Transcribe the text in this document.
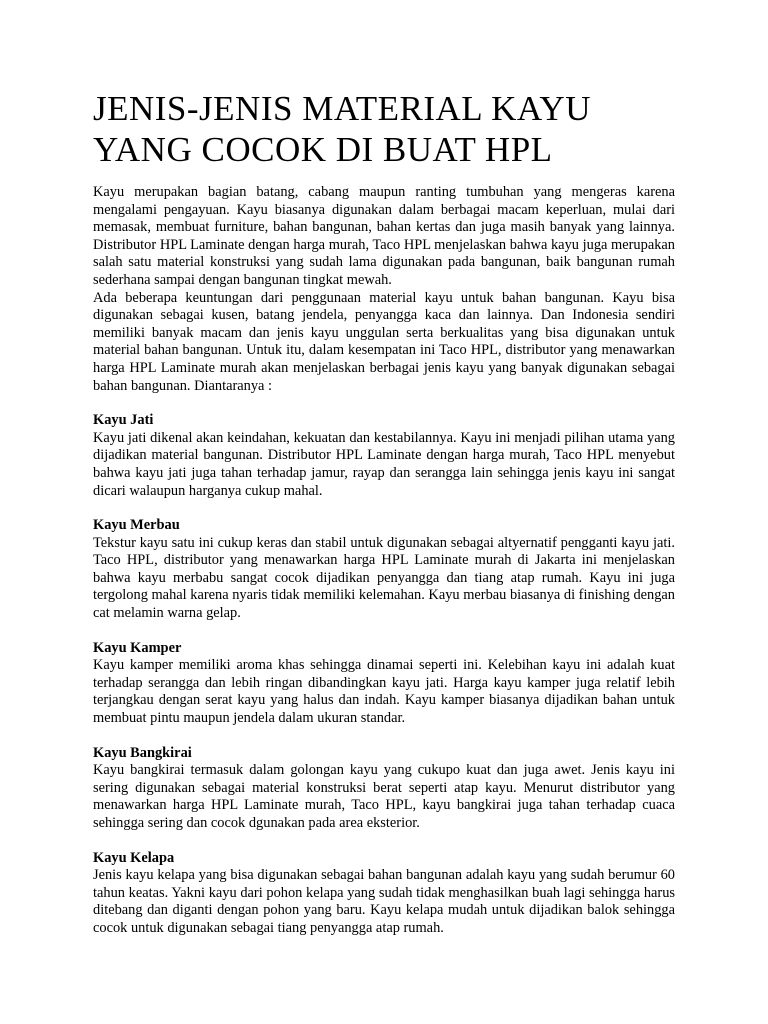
JENIS-JENIS MATERIAL KAYU
YANG COCOK DI BUAT HPL

Kayu merupakan bagian batang, cabang maupun ranting tumbuhan yang mengeras karena mengalami pengayuan. Kayu biasanya digunakan dalam berbagai macam keperluan, mulai dari memasak, membuat furniture, bahan bangunan, bahan kertas dan juga masih banyak yang lainnya. Distributor HPL Laminate dengan harga murah, Taco HPL menjelaskan bahwa kayu juga merupakan salah satu material konstruksi yang sudah lama digunakan pada bangunan, baik bangunan rumah sederhana sampai dengan bangunan tingkat mewah.

Ada beberapa keuntungan dari penggunaan material kayu untuk bahan bangunan. Kayu bisa digunakan sebagai kusen, batang jendela, penyangga kaca dan lainnya. Dan Indonesia sendiri memiliki banyak macam dan jenis kayu unggulan serta berkualitas yang bisa digunakan untuk material bahan bangunan. Untuk itu, dalam kesempatan ini Taco HPL, distributor yang menawarkan harga HPL Laminate murah akan menjelaskan berbagai jenis kayu yang banyak digunakan sebagai bahan bangunan. Diantaranya :

Kayu Jati

Kayu jati dikenal akan keindahan, kekuatan dan kestabilannya. Kayu ini menjadi pilihan utama yang dijadikan material bangunan. Distributor HPL Laminate dengan harga murah, Taco HPL menyebut bahwa kayu jati juga tahan terhadap jamur, rayap dan serangga lain sehingga jenis kayu ini sangat dicari walaupun harganya cukup mahal.

Kayu Merbau

Tekstur kayu satu ini cukup keras dan stabil untuk digunakan sebagai altyernatif pengganti kayu jati. Taco HPL, distributor yang menawarkan harga HPL Laminate murah di Jakarta ini menjelaskan bahwa kayu merbabu sangat cocok dijadikan penyangga dan tiang atap rumah. Kayu ini juga tergolong mahal karena nyaris tidak memiliki kelemahan. Kayu merbau biasanya di finishing dengan cat melamin warna gelap.

Kayu Kamper

Kayu kamper memiliki aroma khas sehingga dinamai seperti ini. Kelebihan kayu ini adalah kuat terhadap serangga dan lebih ringan dibandingkan kayu jati. Harga kayu kamper juga relatif lebih terjangkau dengan serat kayu yang halus dan indah. Kayu kamper biasanya dijadikan bahan untuk membuat pintu maupun jendela dalam ukuran standar.

Kayu Bangkirai

Kayu bangkirai termasuk dalam golongan kayu yang cukupo kuat dan juga awet. Jenis kayu ini sering digunakan sebagai material konstruksi berat seperti atap kayu. Menurut distributor yang menawarkan harga HPL Laminate murah, Taco HPL, kayu bangkirai juga tahan terhadap cuaca sehingga sering dan cocok dgunakan pada area eksterior.

Kayu Kelapa

Jenis kayu kelapa yang bisa digunakan sebagai bahan bangunan adalah kayu yang sudah berumur 60 tahun keatas. Yakni kayu dari pohon kelapa yang sudah tidak menghasilkan buah lagi sehingga harus ditebang dan diganti dengan pohon yang baru. Kayu kelapa mudah untuk dijadikan balok sehingga cocok untuk digunakan sebagai tiang penyangga atap rumah.
